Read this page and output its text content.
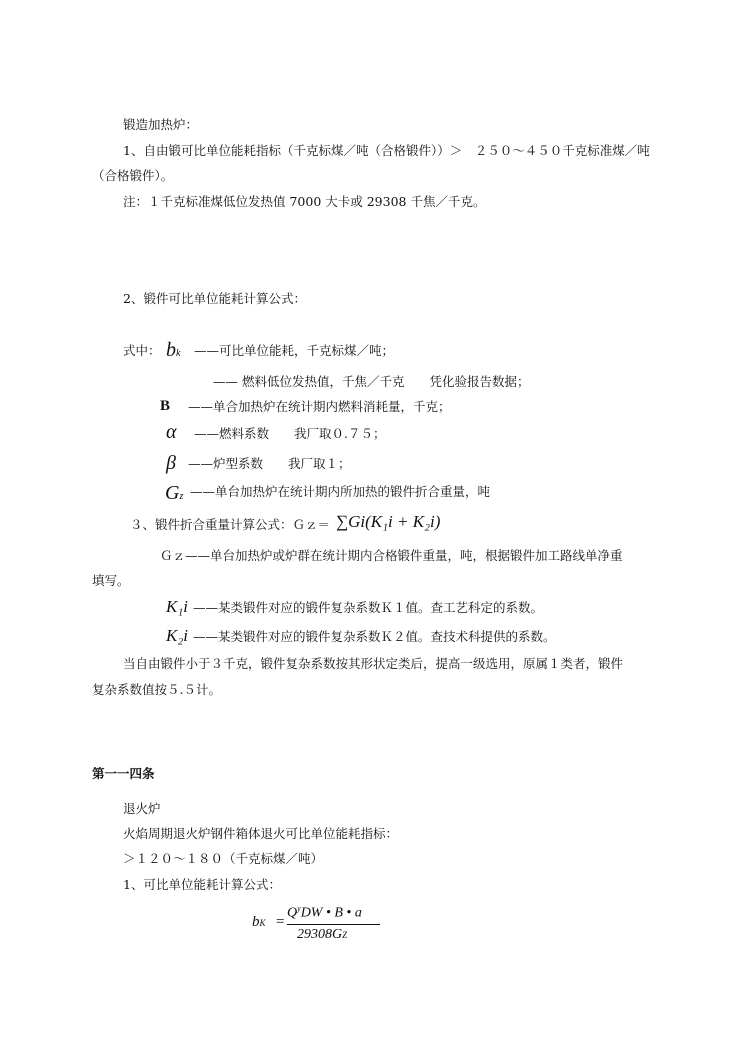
锻造加热炉：
1、自由锻可比单位能耗指标（千克标煤／吨（合格锻件））＞　２５０～４５０千克标准煤／吨
（合格锻件）。
注：１千克标准煤低位发热值 7000 大卡或 29308 千焦／千克。
2、锻件可比单位能耗计算公式：
式中： bk ——可比单位能耗，千克标煤／吨；
—— 燃料低位发热值，千焦／千克　　凭化验报告数据；
B ——单合加热炉在统计期内燃料消耗量，千克；
α ——燃料系数　　我厂取０.７５；
β ——炉型系数　　我厂取１；
Gz ——单台加热炉在统计期内所加热的锻件折合重量，吨
３、锻件折合重量计算公式：Ｇｚ＝ ∑Gi(K₁i + K₂i)
Ｇｚ——单台加热炉或炉群在统计期内合格锻件重量，吨，根据锻件加工路线单净重
填写。
K₁i ——某类锻件对应的锻件复杂系数Ｋ１值。查工艺科定的系数。
K₂i ——某类锻件对应的锻件复杂系数Ｋ２值。查技术科提供的系数。
当自由锻件小于３千克，锻件复杂系数按其形状定类后，提高一级选用，原属１类者，锻件
复杂系数值按５.５计。
第一一四条
退火炉
火焰周期退火炉钢件箱体退火可比单位能耗指标：
＞１２０～１８０（千克标煤／吨）
1、可比单位能耗计算公式：
bK =
$Q^yDW$ • B • a
29308GZ
